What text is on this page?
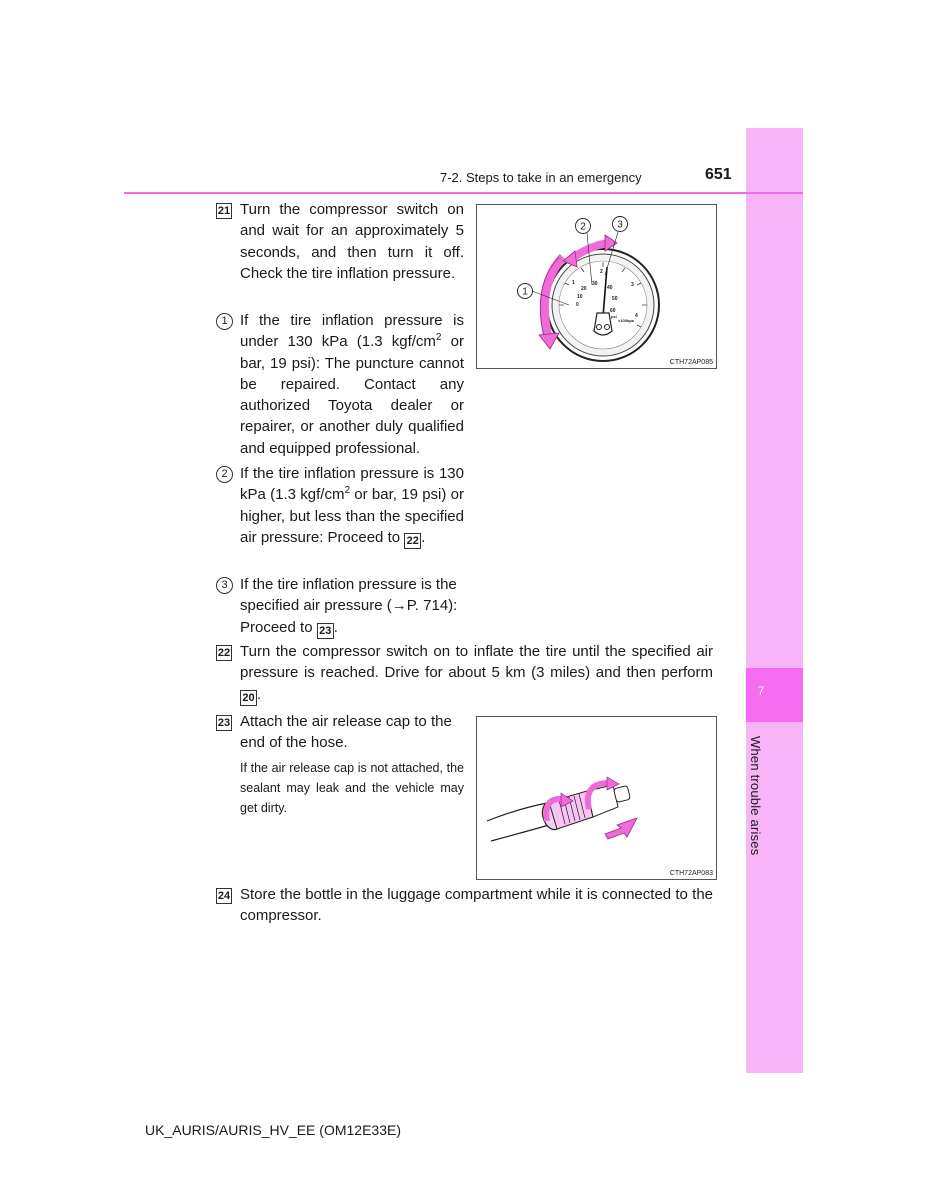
7
When trouble arises
7-2. Steps to take in an emergency	651
21 Turn the compressor switch on and wait for an approximately 5 seconds, and then turn it off. Check the tire inflation pressure.
1 If the tire inflation pressure is under 130 kPa (1.3 kgf/$cm^2$ or bar, 19 psi): The puncture cannot be repaired. Contact any authorized Toyota dealer or repairer, or another duly qualified and equipped professional.
2 If the tire inflation pressure is 130 kPa (1.3 kgf/$cm^2$ or bar, 19 psi) or higher, but less than the specified air pressure: Proceed to 22 .
3 If the tire inflation pressure is the specified air pressure (→P. 714): Proceed to 23 .
0
10
20
30
40
50
60
1
2
3
4
psi
×100kpa
2	3
1
CTH72AP085
22 Turn the compressor switch on to inflate the tire until the specified air pressure is reached. Drive for about 5 km (3 miles) and then perform 20 .
23 Attach the air release cap to the end of the hose.
If the air release cap is not attached, the sealant may leak and the vehicle may get dirty.
CTH72AP083
24 Store the bottle in the luggage compartment while it is connected to the compressor.
UK_AURIS/AURIS_HV_EE (OM12E33E)
